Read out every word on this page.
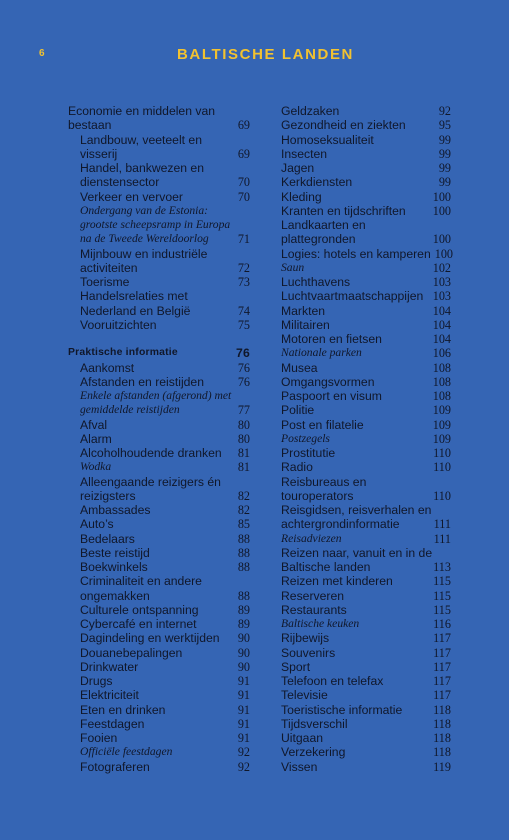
6	BALTISCHE LANDEN
Economie en middelen van
bestaan	69
Landbouw, veeteelt en
visserij	69
Handel, bankwezen en
dienstensector	70
Verkeer en vervoer	70
Ondergang van de Estonia:
grootste scheepsramp in Europa
na de Tweede Wereldoorlog	71
Mijnbouw en industriële
activiteiten	72
Toerisme	73
Handelsrelaties met
Nederland en België	74
Vooruitzichten	75
Praktische informatie	76
Aankomst	76
Afstanden en reistijden	76
Enkele afstanden (afgerond) met
gemiddelde reistijden	77
Afval	80
Alarm	80
Alcoholhoudende dranken	81
Wodka	81
Alleengaande reizigers én
reizigsters	82
Ambassades	82
Auto’s	85
Bedelaars	88
Beste reistijd	88
Boekwinkels	88
Criminaliteit en andere
ongemakken	88
Culturele ontspanning	89
Cybercafé en internet	89
Dagindeling en werktijden	90
Douanebepalingen	90
Drinkwater	90
Drugs	91
Elektriciteit	91
Eten en drinken	91
Feestdagen	91
Fooien	91
Officiële feestdagen	92
Fotograferen	92
Geldzaken	92
Gezondheid en ziekten	95
Homoseksualiteit	99
Insecten	99
Jagen	99
Kerkdiensten	99
Kleding	100
Kranten en tijdschriften	100
Landkaarten en
plattegronden	100
Logies: hotels en kamperen 100
Saun	102
Luchthavens	103
Luchtvaartmaatschappijen 103
Markten	104
Militairen	104
Motoren en fietsen	104
Nationale parken	106
Musea	108
Omgangsvormen	108
Paspoort en visum	108
Politie	109
Post en filatelie	109
Postzegels	109
Prostitutie	110
Radio	110
Reisbureaus en
touroperators	110
Reisgidsen, reisverhalen en
achtergrondinformatie	111
Reisadviezen	111
Reizen naar, vanuit en in de
Baltische landen	113
Reizen met kinderen	115
Reserveren	115
Restaurants	115
Baltische keuken	116
Rijbewijs	117
Souvenirs	117
Sport	117
Telefoon en telefax	117
Televisie	117
Toeristische informatie	118
Tijdsverschil	118
Uitgaan	118
Verzekering	118
Vissen	119
